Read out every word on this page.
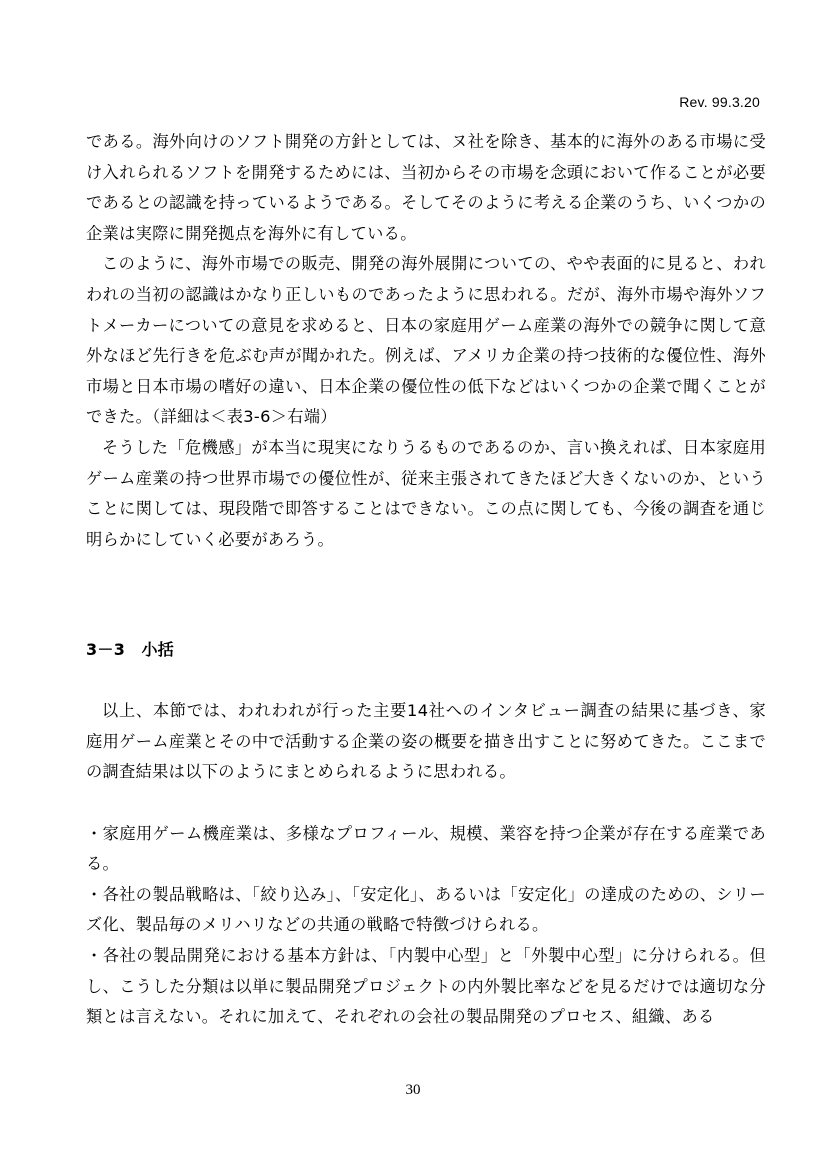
Rev. 99.3.20

である。海外向けのソフト開発の方針としては、ヌ社を除き、基本的に海外のある市場に受け入れられるソフトを開発するためには、当初からその市場を念頭において作ることが必要であるとの認識を持っているようである。そしてそのように考える企業のうち、いくつかの企業は実際に開発拠点を海外に有している。

このように、海外市場での販売、開発の海外展開についての、やや表面的に見ると、われわれの当初の認識はかなり正しいものであったように思われる。だが、海外市場や海外ソフトメーカーについての意見を求めると、日本の家庭用ゲーム産業の海外での競争に関して意外なほど先行きを危ぶむ声が聞かれた。例えば、アメリカ企業の持つ技術的な優位性、海外市場と日本市場の嗜好の違い、日本企業の優位性の低下などはいくつかの企業で聞くことができた。（詳細は＜表3-6＞右端）

そうした「危機感」が本当に現実になりうるものであるのか、言い換えれば、日本家庭用ゲーム産業の持つ世界市場での優位性が、従来主張されてきたほど大きくないのか、ということに関しては、現段階で即答することはできない。この点に関しても、今後の調査を通じ明らかにしていく必要があろう。

3－3　小括

以上、本節では、われわれが行った主要14社へのインタビュー調査の結果に基づき、家庭用ゲーム産業とその中で活動する企業の姿の概要を描き出すことに努めてきた。ここまでの調査結果は以下のようにまとめられるように思われる。

・家庭用ゲーム機産業は、多様なプロフィール、規模、業容を持つ企業が存在する産業である。

・各社の製品戦略は、「絞り込み」、「安定化」、あるいは「安定化」の達成のための、シリーズ化、製品毎のメリハリなどの共通の戦略で特徴づけられる。

・各社の製品開発における基本方針は、「内製中心型」と「外製中心型」に分けられる。但し、こうした分類は以単に製品開発プロジェクトの内外製比率などを見るだけでは適切な分類とは言えない。それに加えて、それぞれの会社の製品開発のプロセス、組織、ある

30
